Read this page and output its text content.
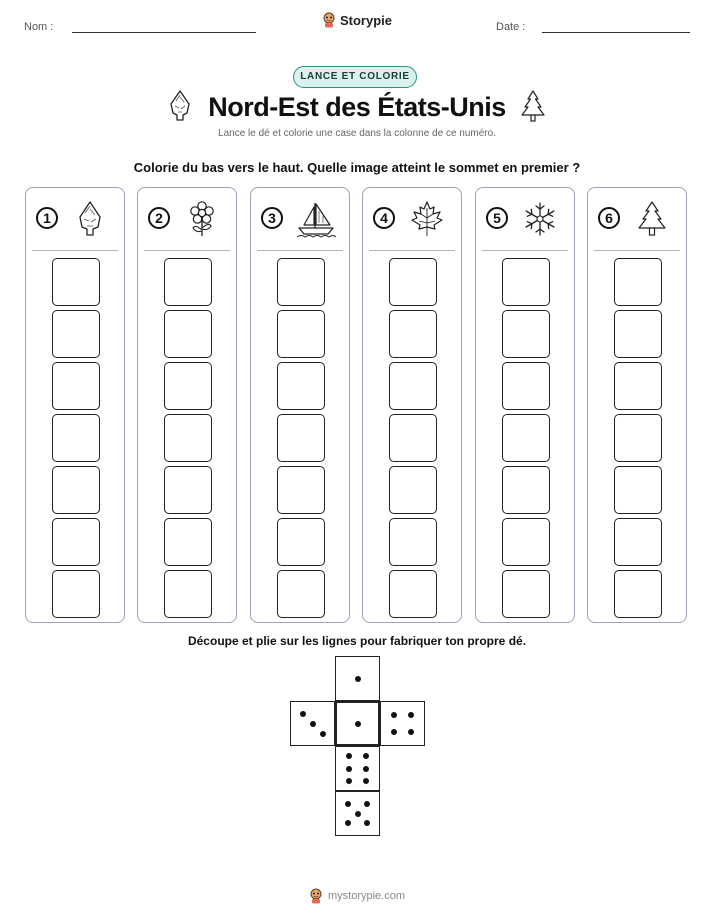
Nom :	Date :
Storypie
LANCE ET COLORIE
Nord-Est des États-Unis
Lance le dé et colorie une case dans la colonne de ce numéro.
Colorie du bas vers le haut. Quelle image atteint le sommet en premier ?
1	2	3	4	5	6
Découpe et plie sur les lignes pour fabriquer ton propre dé.
mystorypie.com
